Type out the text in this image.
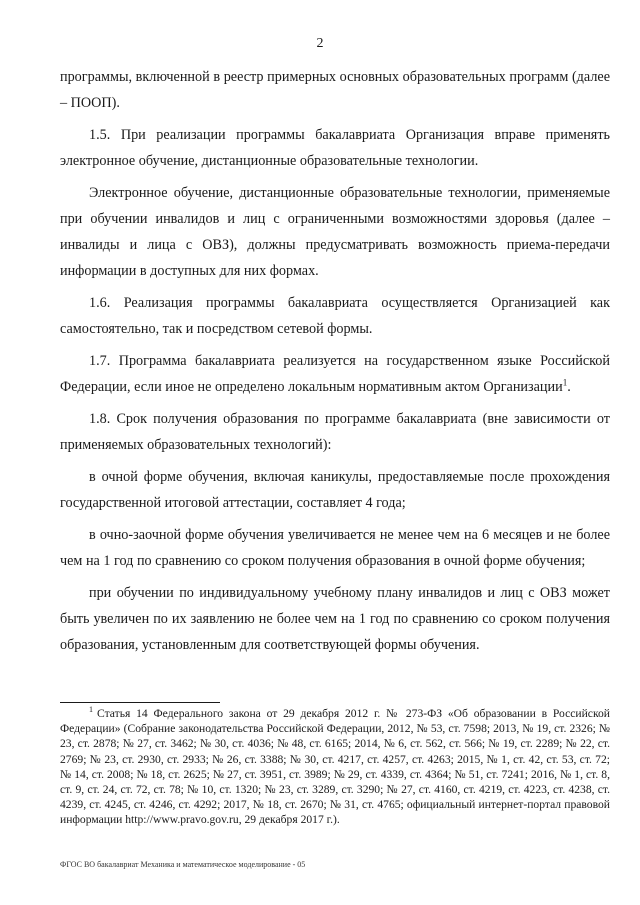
2

программы, включенной в реестр примерных основных образовательных программ (далее – ПООП).

1.5. При реализации программы бакалавриата Организация вправе применять электронное обучение, дистанционные образовательные технологии.

Электронное обучение, дистанционные образовательные технологии, применяемые при обучении инвалидов и лиц с ограниченными возможностями здоровья (далее – инвалиды и лица с ОВЗ), должны предусматривать возможность приема-передачи информации в доступных для них формах.

1.6. Реализация программы бакалавриата осуществляется Организацией как самостоятельно, так и посредством сетевой формы.

1.7. Программа бакалавриата реализуется на государственном языке Российской Федерации, если иное не определено локальным нормативным актом Организации$^1$.

1.8. Срок получения образования по программе бакалавриата (вне зависимости от применяемых образовательных технологий):

в очной форме обучения, включая каникулы, предоставляемые после прохождения государственной итоговой аттестации, составляет 4 года;

в очно-заочной форме обучения увеличивается не менее чем на 6 месяцев и не более чем на 1 год по сравнению со сроком получения образования в очной форме обучения;

при обучении по индивидуальному учебному плану инвалидов и лиц с ОВЗ может быть увеличен по их заявлению не более чем на 1 год по сравнению со сроком получения образования, установленным для соответствующей формы обучения.

$^1$ Статья 14 Федерального закона от 29 декабря 2012 г. № 273-ФЗ «Об образовании в Российской Федерации» (Собрание законодательства Российской Федерации, 2012, № 53, ст. 7598; 2013, № 19, ст. 2326; № 23, ст. 2878; № 27, ст. 3462; № 30, ст. 4036; № 48, ст. 6165; 2014, № 6, ст. 562, ст. 566; № 19, ст. 2289; № 22, ст. 2769; № 23, ст. 2930, ст. 2933; № 26, ст. 3388; № 30, ст. 4217, ст. 4257, ст. 4263; 2015, № 1, ст. 42, ст. 53, ст. 72; № 14, ст. 2008; № 18, ст. 2625; № 27, ст. 3951, ст. 3989; № 29, ст. 4339, ст. 4364; № 51, ст. 7241; 2016, № 1, ст. 8, ст. 9, ст. 24, ст. 72, ст. 78; № 10, ст. 1320; № 23, ст. 3289, ст. 3290; № 27, ст. 4160, ст. 4219, ст. 4223, ст. 4238, ст. 4239, ст. 4245, ст. 4246, ст. 4292; 2017, № 18, ст. 2670; № 31, ст. 4765; официальный интернет-портал правовой информации http://www.pravo.gov.ru, 29 декабря 2017 г.).
ФГОС ВО бакалавриат Механика и математическое моделирование - 05
